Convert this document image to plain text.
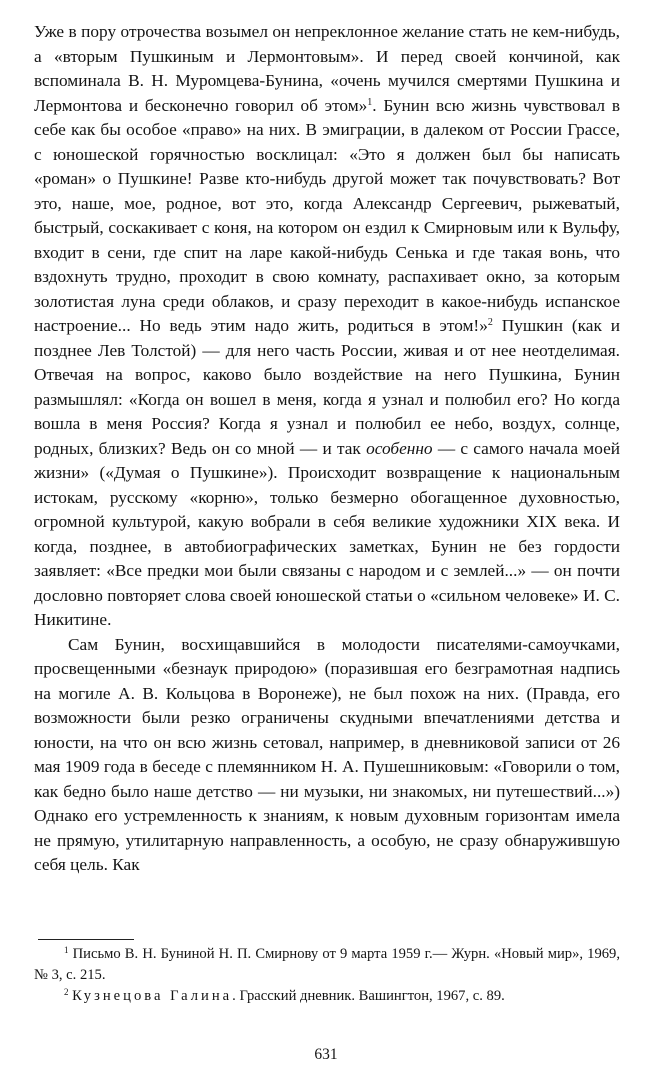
Уже в пору отрочества возымел он непреклонное желание стать не кем-нибудь, а «вторым Пушкиным и Лермонтовым». И перед своей кончиной, как вспоминала В. Н. Муромцева-Бунина, «очень мучился смертями Пушкина и Лермонтова и бесконечно говорил об этом»$^1$. Бунин всю жизнь чувствовал в себе как бы особое «право» на них. В эмиграции, в далеком от России Грассе, с юношеской горячностью восклицал: «Это я должен был бы написать «роман» о Пушкине! Разве кто-нибудь другой может так почувствовать? Вот это, наше, мое, родное, вот это, когда Александр Сергеевич, рыжеватый, быстрый, соскакивает с коня, на котором он ездил к Смирновым или к Вульфу, входит в сени, где спит на ларе какой-нибудь Сенька и где такая вонь, что вздохнуть трудно, проходит в свою комнату, распахивает окно, за которым золотистая луна среди облаков, и сразу переходит в какое-нибудь испанское настроение... Но ведь этим надо жить, родиться в этом!»$^2$ Пушкин (как и позднее Лев Толстой) — для него часть России, живая и от нее неотделимая. Отвечая на вопрос, каково было воздействие на него Пушкина, Бунин размышлял: «Когда он вошел в меня, когда я узнал и полюбил его? Но когда вошла в меня Россия? Когда я узнал и полюбил ее небо, воздух, солнце, родных, близких? Ведь он со мной — и так особенно — с самого начала моей жизни» («Думая о Пушкине»). Происходит возвращение к национальным истокам, русскому «корню», только безмерно обогащенное духовностью, огромной культурой, какую вобрали в себя великие художники XIX века. И когда, позднее, в автобиографических заметках, Бунин не без гордости заявляет: «Все предки мои были связаны с народом и с землей...» — он почти дословно повторяет слова своей юношеской статьи о «сильном человеке» И. С. Никитине.

Сам Бунин, восхищавшийся в молодости писателями-самоучками, просвещенными «безнаук природою» (поразившая его безграмотная надпись на могиле А. В. Кольцова в Воронеже), не был похож на них. (Правда, его возможности были резко ограничены скудными впечатлениями детства и юности, на что он всю жизнь сетовал, например, в дневниковой записи от 26 мая 1909 года в беседе с племянником Н. А. Пушешниковым: «Говорили о том, как бедно было наше детство — ни музыки, ни знакомых, ни путешествий...») Однако его устремленность к знаниям, к новым духовным горизонтам имела не прямую, утилитарную направленность, а особую, не сразу обнаружившую себя цель. Как

$^1$ Письмо В. Н. Буниной Н. П. Смирнову от 9 марта 1959 г.— Журн. «Новый мир», 1969, № 3, с. 215.

$^2$ Кузнецова Галина. Грасский дневник. Вашингтон, 1967, с. 89.

631
